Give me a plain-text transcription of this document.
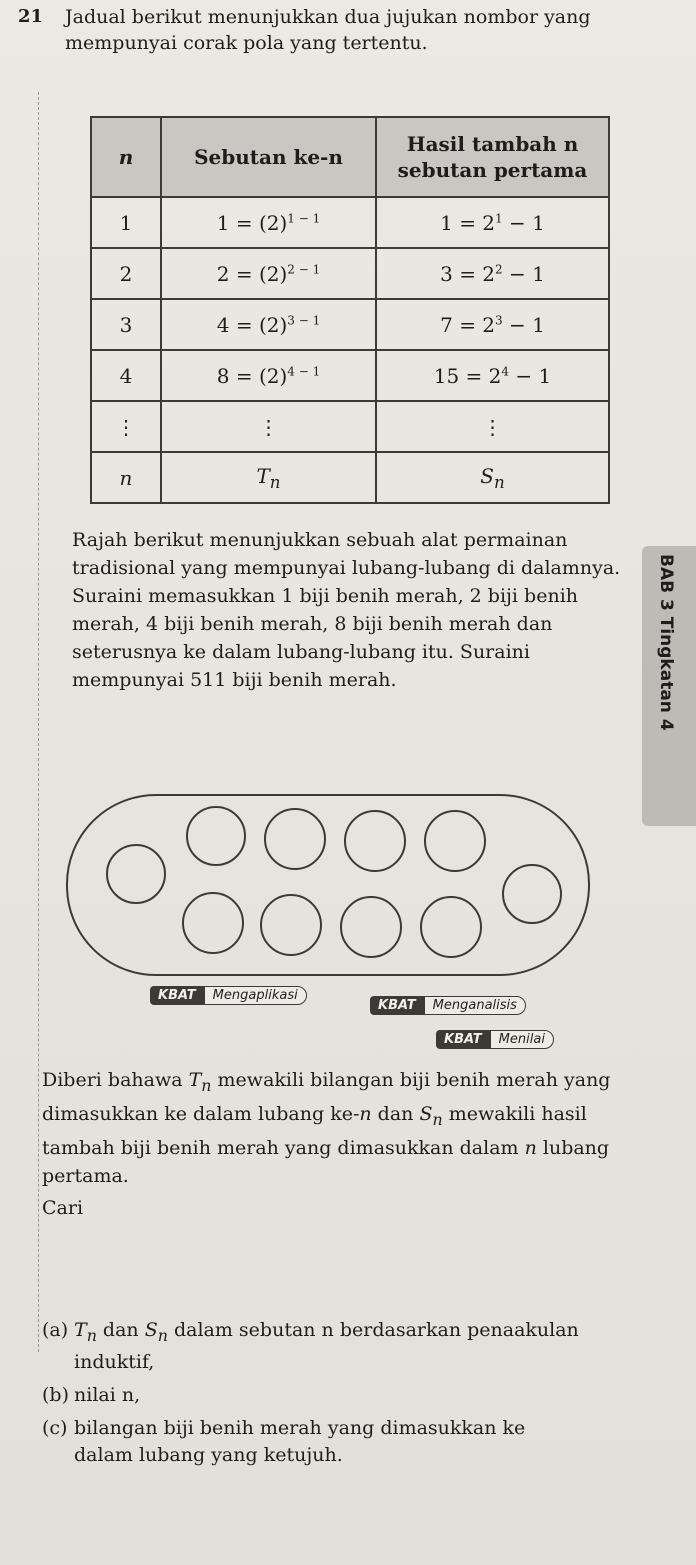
21 Jadual berikut menunjukkan dua jujukan nombor yang mempunyai corak pola yang tertentu.
n	Sebutan ke-n	Hasil tambah n sebutan pertama
1	$1 = (2)^{1 - 1}$	$1 = 2^1 - 1$
2	$2 = (2)^{2 - 1}$	$3 = 2^2 - 1$
3	$4 = (2)^{3 - 1}$	$7 = 2^3 - 1$
4	$8 = (2)^{4 - 1}$	$15 = 2^4 - 1$
⋮	⋮	⋮
n	$T_n$	$S_n$
Rajah berikut menunjukkan sebuah alat permainan tradisional yang mempunyai lubang-lubang di dalamnya. Suraini memasukkan 1 biji benih merah, 2 biji benih merah, 4 biji benih merah, 8 biji benih merah dan seterusnya ke dalam lubang-lubang itu. Suraini mempunyai 511 biji benih merah.	BAB 3 Tingkatan 4
KBAT	Mengaplikasi
KBAT	Menganalisis
KBAT	Menilai
Diberi bahawa $T_n$ mewakili bilangan biji benih merah yang dimasukkan ke dalam lubang ke-n dan $S_n$ mewakili hasil tambah biji benih merah yang dimasukkan dalam n lubang pertama.
Cari
(a) $T_n$ dan $S_n$ dalam sebutan n berdasarkan penaakulan induktif,
(b) nilai n,
(c) bilangan biji benih merah yang dimasukkan ke dalam lubang yang ketujuh.
